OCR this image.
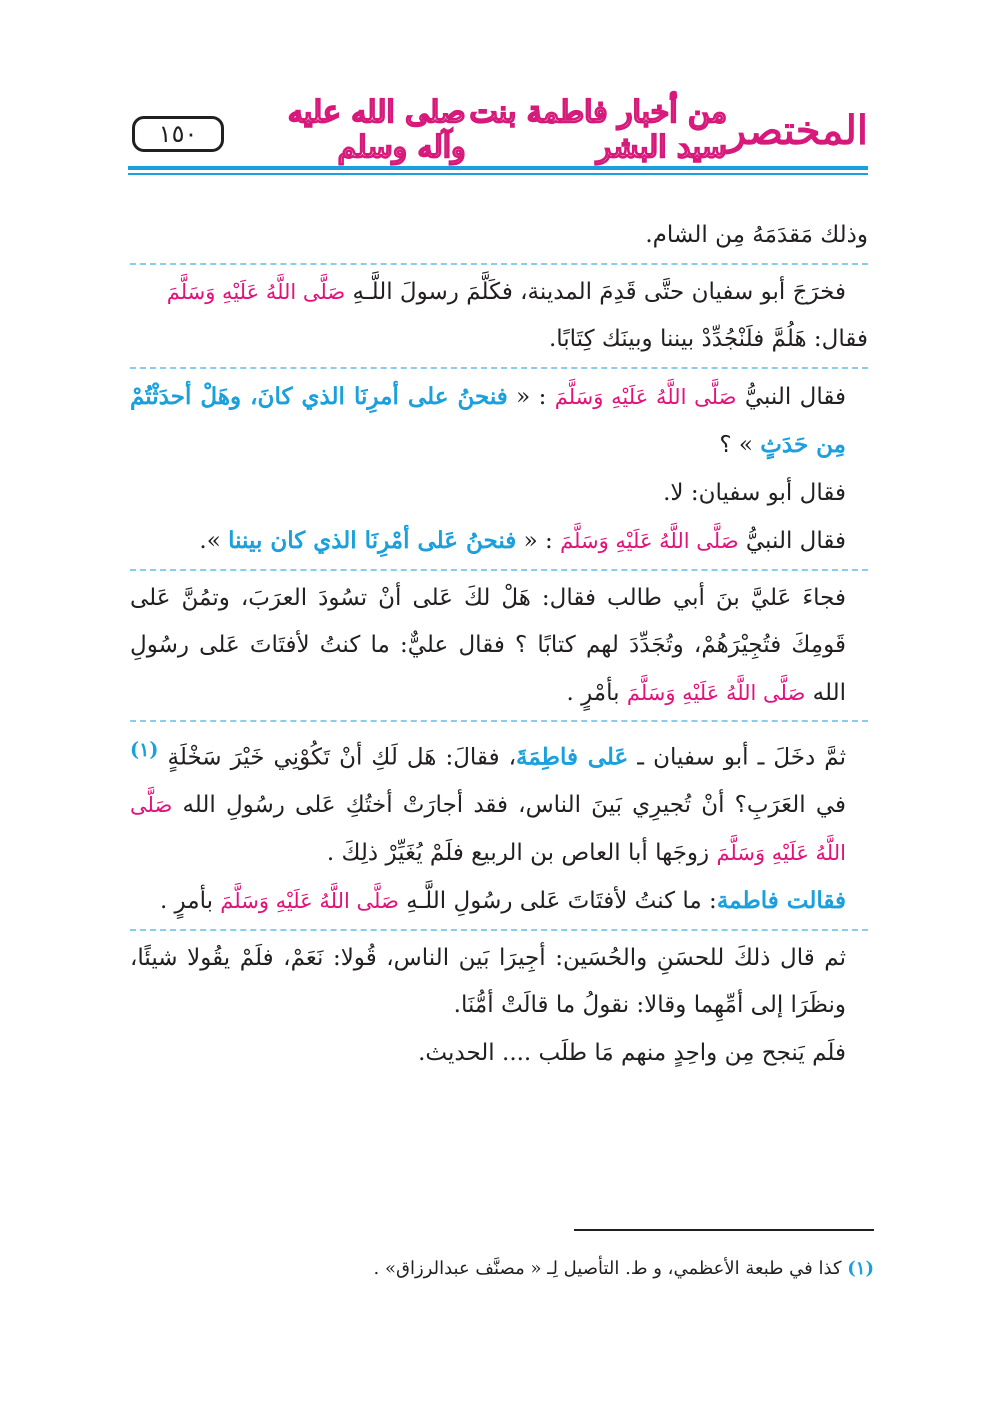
المختصر
من أخبار فاطمة بنت سيد البشر
صلى الله عليه وآله وسلم
١٥٠

وذلك مَقدَمَهُ مِن الشام.

فخرَجَ أبو سفيان حتَّى قَدِمَ المدينة، فكَلَّمَ رسولَ اللَّـهِ صَلَّى اللَّهُ عَلَيْهِ وَسَلَّمَ

فقال: هَلُمَّ فلَنْجُدِّدْ بيننا وبينَك كِتَابًا.

فقال النبيُّ صَلَّى اللَّهُ عَلَيْهِ وَسَلَّمَ : « فنحنُ على أمرِنَا الذي كانَ، وهَلْ أحدَثْتُمْ مِن حَدَثٍ » ؟

فقال أبو سفيان: لا.

فقال النبيُّ صَلَّى اللَّهُ عَلَيْهِ وَسَلَّمَ : « فنحنُ عَلى أمْرِنَا الذي كان بيننا ».

فجاءَ عَليَّ بنَ أبي طالب فقال: هَلْ لكَ عَلى أنْ تسُودَ العرَبَ، وتمُنَّ عَلى قَومِكَ فتُجِيْرَهُمْ، وتُجَدِّدَ لهم كتابًا ؟ فقال عليٌّ: ما كنتُ لأفتَاتَ عَلى رسُولِ الله صَلَّى اللَّهُ عَلَيْهِ وَسَلَّمَ بأمْرٍ .

ثمَّ دخَلَ ـ أبو سفيان ـ عَلى فاطِمَةَ، فقالَ: هَل لَكِ أنْ تَكُوْنِي خَيْرَ سَخْلَةٍ $^{(١)}$ في العَرَبِ؟ أنْ تُجيرِي بَينَ الناس، فقد أجارَتْ أختُكِ عَلى رسُولِ الله صَلَّى اللَّهُ عَلَيْهِ وَسَلَّمَ زوجَها أبا العاص بن الربيع فلَمْ يُغَيِّرْ ذلِكَ .

فقالت فاطمة: ما كنتُ لأفتَاتَ عَلى رسُولِ اللَّـهِ صَلَّى اللَّهُ عَلَيْهِ وَسَلَّمَ بأمرٍ .

ثم قال ذلكَ للحسَنِ والحُسَين: أجِيرَا بَين الناس، قُولا: نَعَمْ، فلَمْ يقُولا شيئًا، ونظَرَا إلى أمِّهِما وقالا: نقولُ ما قالَتْ أمُّنَا.

فلَم يَنجح مِن واحِدٍ منهم مَا طلَب .... الحديث.

(١) كذا في طبعة الأعظمي، و ط. التأصيل لِـ « مصنَّف عبدالرزاق» .
